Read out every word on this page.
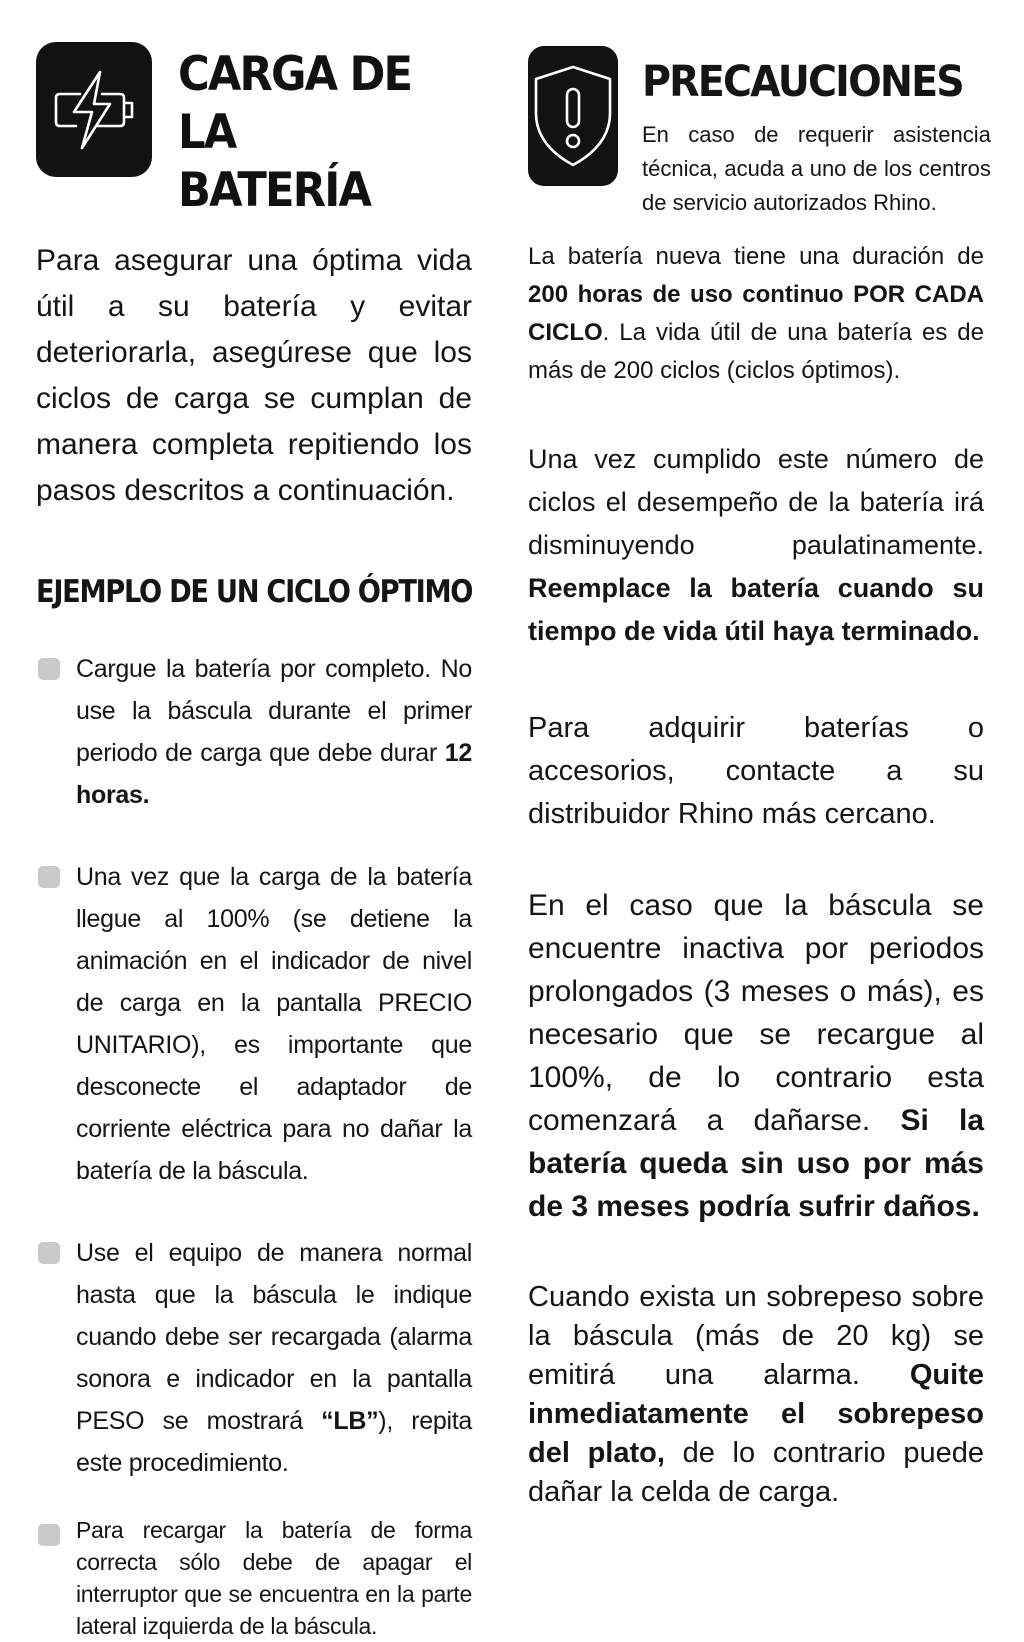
CARGA DE LA
BATERÍA
Para asegurar una óptima vida útil a su batería y evitar deteriorarla, asegúrese que los ciclos de carga se cumplan de manera completa repitiendo los pasos descritos a continuación.
EJEMPLO DE UN CICLO ÓPTIMO
Cargue la batería por completo. No use la báscula durante el primer periodo de carga que debe durar 12 horas.
Una vez que la carga de la batería llegue al 100% (se detiene la animación en el indicador de nivel de carga en la pantalla PRECIO UNITARIO), es importante que desconecte el adaptador de corriente eléctrica para no dañar la batería de la báscula.
Use el equipo de manera normal hasta que la báscula le indique cuando debe ser recargada (alarma sonora e indicador en la pantalla PESO se mostrará “LB”), repita este procedimiento.
Para recargar la batería de forma correcta sólo debe de apagar el interruptor que se encuentra en la parte lateral izquierda de la báscula.
PRECAUCIONES
En caso de requerir asistencia técnica, acuda a uno de los centros de servicio autorizados Rhino.
La batería nueva tiene una duración de 200 horas de uso continuo POR CADA CICLO. La vida útil de una batería es de más de 200 ciclos (ciclos óptimos).
Una vez cumplido este número de ciclos el desempeño de la batería irá disminuyendo paulatinamente. Reemplace la batería cuando su tiempo de vida útil haya terminado.
Para adquirir baterías o accesorios, contacte a su distribuidor Rhino más cercano.
En el caso que la báscula se encuentre inactiva por periodos prolongados (3 meses o más), es necesario que se recargue al 100%, de lo contrario esta comenzará a dañarse. Si la batería queda sin uso por más de 3 meses podría sufrir daños.
Cuando exista un sobrepeso sobre la báscula (más de 20 kg) se emitirá una alarma. Quite inmediatamente el sobrepeso del plato, de lo contrario puede dañar la celda de carga.
